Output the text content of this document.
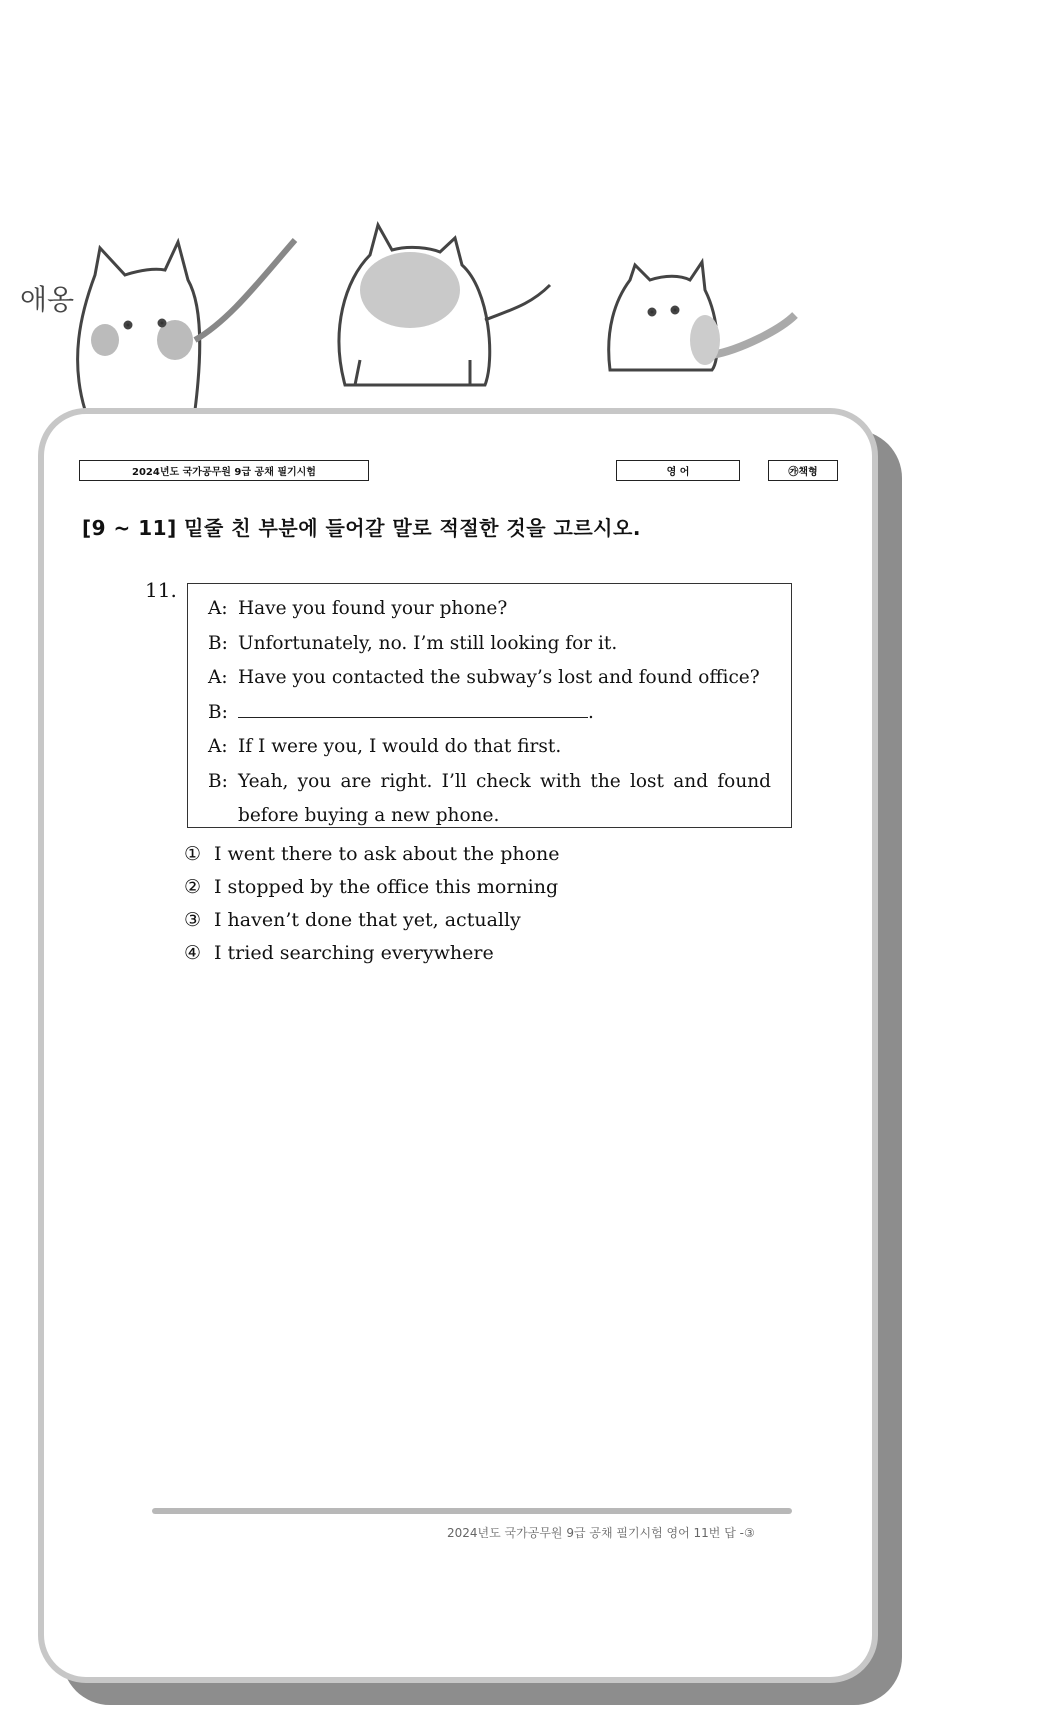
애옹
2024년도 국가공무원 9급 공채 필기시험	영 어	㉮책형
[9 ~ 11] 밑줄 친 부분에 들어갈 말로 적절한 것을 고르시오.
11.
A: Have you found your phone?
B: Unfortunately, no. I’m still looking for it.
A: Have you contacted the subway’s lost and found office?
B:	.
A: If I were you, I would do that first.
B: Yeah, you are right. I’ll check with the lost and found
before buying a new phone.
① I went there to ask about the phone
② I stopped by the office this morning
③ I haven’t done that yet, actually
④ I tried searching everywhere
2024년도 국가공무원 9급 공채 필기시험 영어 11번 답 -③
